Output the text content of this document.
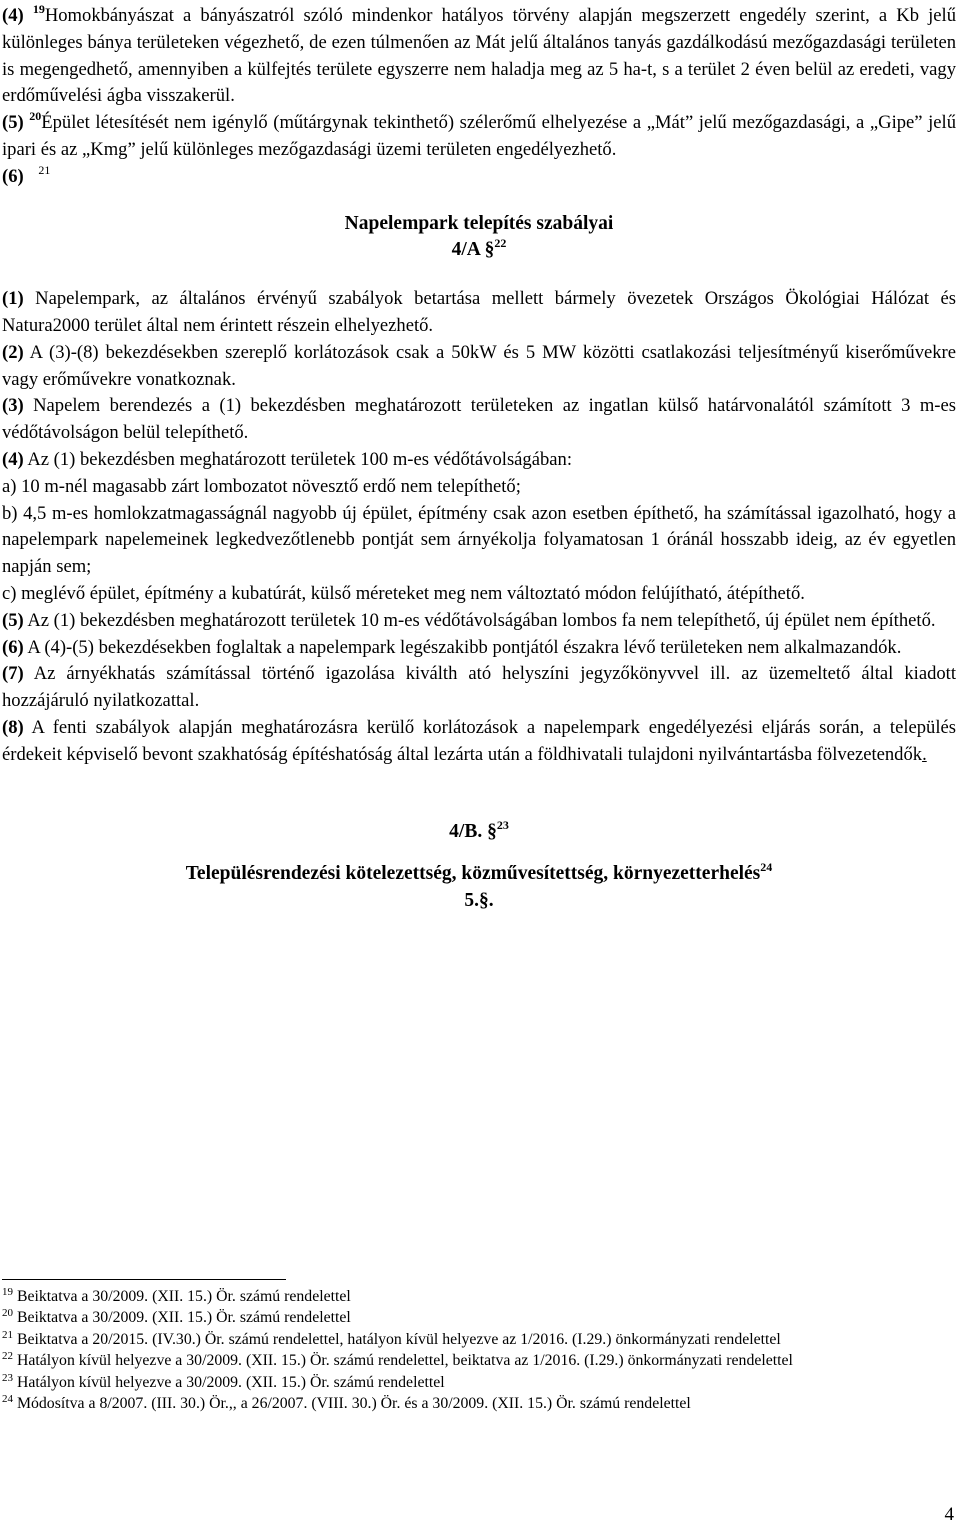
(4) $^{19}$Homokbányászat a bányászatról szóló mindenkor hatályos törvény alapján megszerzett engedély szerint, a Kb jelű különleges bánya területeken végezhető, de ezen túlmenően az Mát jelű általános tanyás gazdálkodású mezőgazdasági területen is megengedhető, amennyiben a külfejtés területe egyszerre nem haladja meg az 5 ha-t, s a terület 2 éven belül az eredeti, vagy erdőművelési ágba visszakerül.

(5) $^{20}$Épület létesítését nem igénylő (műtárgynak tekinthető) szélerőmű elhelyezése a „Mát” jelű mezőgazdasági, a „Gipe” jelű ipari és az „Kmg” jelű különleges mezőgazdasági üzemi területen engedélyezhető.

(6) $^{21}$

Napelempark telepítés szabályai

4/A §$^{22}$

(1) Napelempark, az általános érvényű szabályok betartása mellett bármely övezetek Országos Ökológiai Hálózat és Natura2000 terület által nem érintett részein elhelyezhető.

(2) A (3)-(8) bekezdésekben szereplő korlátozások csak a 50kW és 5 MW közötti csatlakozási teljesítményű kiserőművekre vagy erőművekre vonatkoznak.

(3) Napelem berendezés a (1) bekezdésben meghatározott területeken az ingatlan külső határvonalától számított 3 m-es védőtávolságon belül telepíthető.

(4) Az (1) bekezdésben meghatározott területek 100 m-es védőtávolságában:

a) 10 m-nél magasabb zárt lombozatot növesztő erdő nem telepíthető;

b) 4,5 m-es homlokzatmagasságnál nagyobb új épület, építmény csak azon esetben építhető, ha számítással igazolható, hogy a napelempark napelemeinek legkedvezőtlenebb pontját sem árnyékolja folyamatosan 1 óránál hosszabb ideig, az év egyetlen napján sem;

c) meglévő épület, építmény a kubatúrát, külső méreteket meg nem változtató módon felújítható, átépíthető.

(5) Az (1) bekezdésben meghatározott területek 10 m-es védőtávolságában lombos fa nem telepíthető, új épület nem építhető.

(6) A (4)-(5) bekezdésekben foglaltak a napelempark legészakibb pontjától északra lévő területeken nem alkalmazandók.

(7) Az árnyékhatás számítással történő igazolása kiválth ató helyszíni jegyzőkönyvvel ill. az üzemeltető által kiadott hozzájáruló nyilatkozattal.

(8) A fenti szabályok alapján meghatározásra kerülő korlátozások a napelempark engedélyezési eljárás során, a település érdekeit képviselő bevont szakhatóság építéshatóság által lezárta után a földhivatali tulajdoni nyilvántartásba fölvezetendők.

4/B. §$^{23}$

Településrendezési kötelezettség, közművesítettség, környezetterhelés$^{24}$

5.§.

$^{19}$ Beiktatva a 30/2009. (XII. 15.) Ör. számú rendelettel
$^{20}$ Beiktatva a 30/2009. (XII. 15.) Ör. számú rendelettel
$^{21}$ Beiktatva a 20/2015. (IV.30.) Ör. számú rendelettel, hatályon kívül helyezve az 1/2016. (I.29.) önkormányzati rendelettel
$^{22}$ Hatályon kívül helyezve a 30/2009. (XII. 15.) Ör. számú rendelettel, beiktatva az 1/2016. (I.29.) önkormányzati rendelettel
$^{23}$ Hatályon kívül helyezve a 30/2009. (XII. 15.) Ör. számú rendelettel
$^{24}$ Módosítva a 8/2007. (III. 30.) Ör.,, a 26/2007. (VIII. 30.) Ör. és a 30/2009. (XII. 15.) Ör. számú rendelettel
4
